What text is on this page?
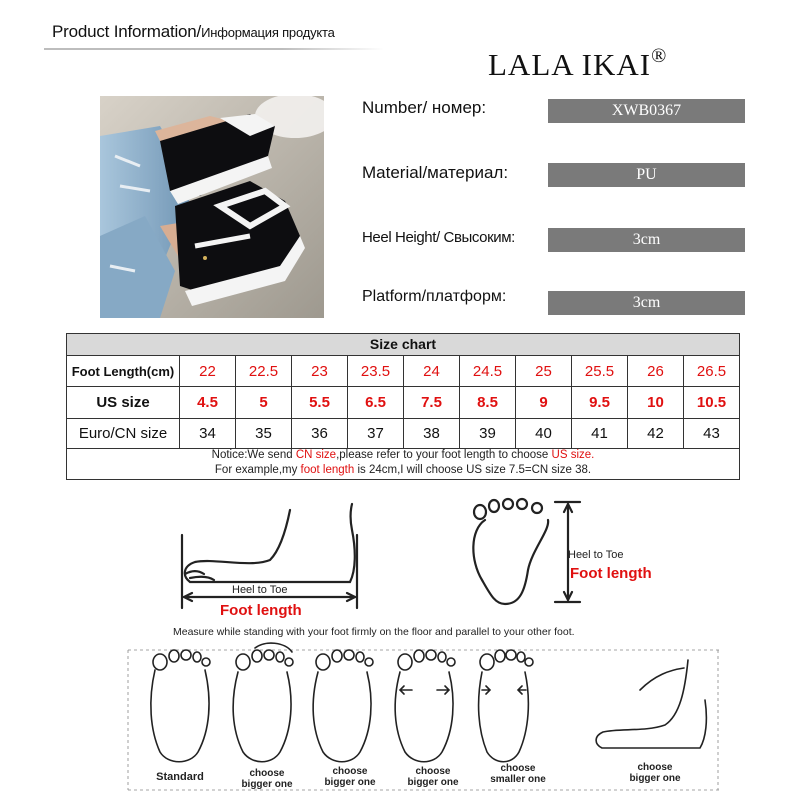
Product Information/Информация продукта
LALA IKAI®
Number/ номер:	XWB0367
Material/материал:	PU
Heel Height/ Свысоким:	3cm
Platform/платформ:	3cm
Size chart
Foot Length(cm)	22	22.5	23	23.5	24	24.5	25	25.5	26	26.5
US size	4.5	5	5.5	6.5	7.5	8.5	9	9.5	10	10.5
Euro/CN size	34	35	36	37	38	39	40	41	42	43
Notice:We send CN size,please refer to your foot length to choose US size.
For example,my foot length is 24cm,I will choose US size 7.5=CN size 38.
Heel to Toe
Foot length
Heel to Toe
Foot length
Measure while standing with your foot firmly on the floor and parallel to your other foot.
Standard	choose
bigger one
choose
bigger one
choose
bigger one
choose
smaller one
choose
bigger one
